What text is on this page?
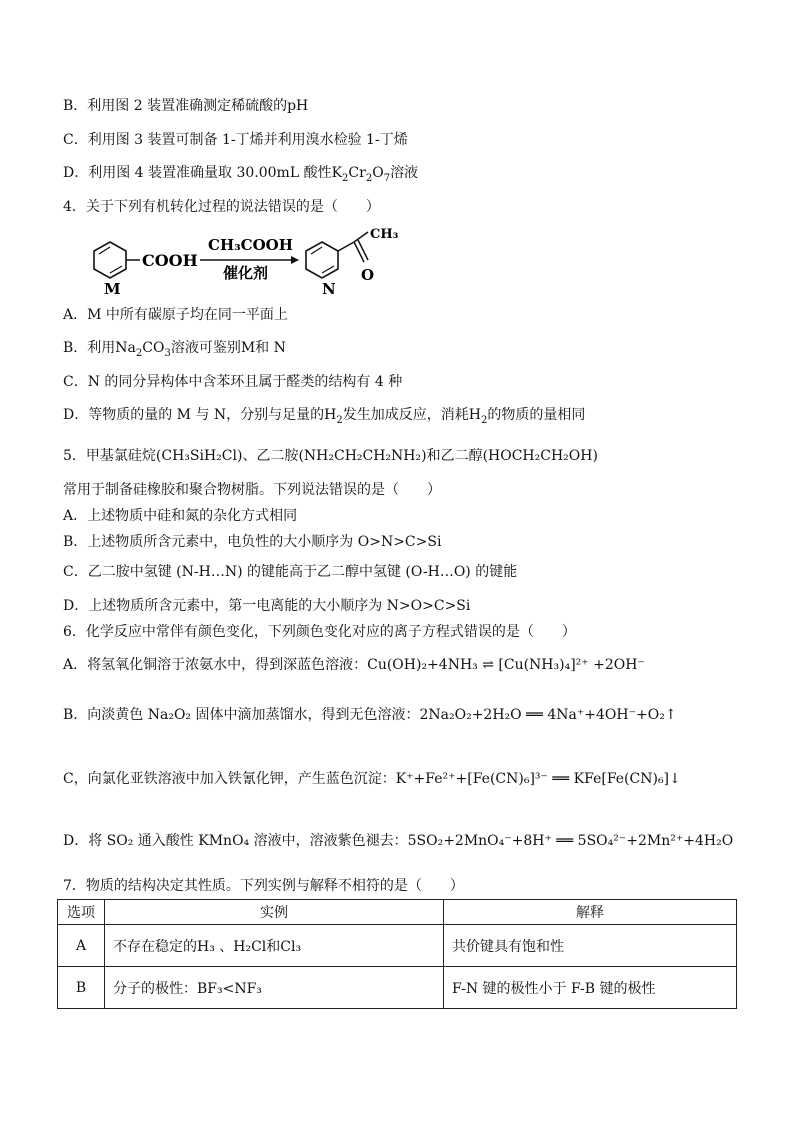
B．利用图 2 装置准确测定稀硫酸的pH
C．利用图 3 装置可制备 1-丁烯并利用溴水检验 1-丁烯
D．利用图 4 装置准确量取 30.00mL 酸性$K_2Cr_2O_7$溶液
4．关于下列有机转化过程的说法错误的是（　　）
COOH
M
CH₃COOH
催化剂
CH₃
O
N
A．M 中所有碳原子均在同一平面上
B．利用$Na_2CO_3$溶液可鉴别M和 N
C．N 的同分异构体中含苯环且属于醛类的结构有 4 种
D．等物质的量的 M 与 N，分别与足量的$H_2$发生加成反应，消耗$H_2$的物质的量相同
5．甲基氯硅烷(CH₃SiH₂Cl)、乙二胺(NH₂CH₂CH₂NH₂)和乙二醇(HOCH₂CH₂OH)
常用于制备硅橡胶和聚合物树脂。下列说法错误的是（　　）
A．上述物质中硅和氮的杂化方式相同
B．上述物质所含元素中，电负性的大小顺序为 O>N>C>Si
C．乙二胺中氢键 (N-H…N) 的键能高于乙二醇中氢键 (O-H…O) 的键能
D．上述物质所含元素中，第一电离能的大小顺序为 N>O>C>Si
6．化学反应中常伴有颜色变化，下列颜色变化对应的离子方程式错误的是（　　）
A．将氢氧化铜溶于浓氨水中，得到深蓝色溶液：Cu(OH)₂+4NH₃ ⇌ [Cu(NH₃)₄]²⁺ +2OH⁻
B．向淡黄色 Na₂O₂ 固体中滴加蒸馏水，得到无色溶液：2Na₂O₂+2H₂O ══ 4Na⁺+4OH⁻+O₂↑
C，向氯化亚铁溶液中加入铁氰化钾，产生蓝色沉淀：K⁺+Fe²⁺+[Fe(CN)₆]³⁻ ══ KFe[Fe(CN)₆]↓
D．将 SO₂ 通入酸性 KMnO₄ 溶液中，溶液紫色褪去：5SO₂+2MnO₄⁻+8H⁺ ══ 5SO₄²⁻+2Mn²⁺+4H₂O
7．物质的结构决定其性质。下列实例与解释不相符的是（　　）
选项	实例	解释
A	不存在稳定的H₃ 、H₂Cl和Cl₃	共价键具有饱和性
B	分子的极性：BF₃<NF₃	F-N 键的极性小于 F-B 键的极性
